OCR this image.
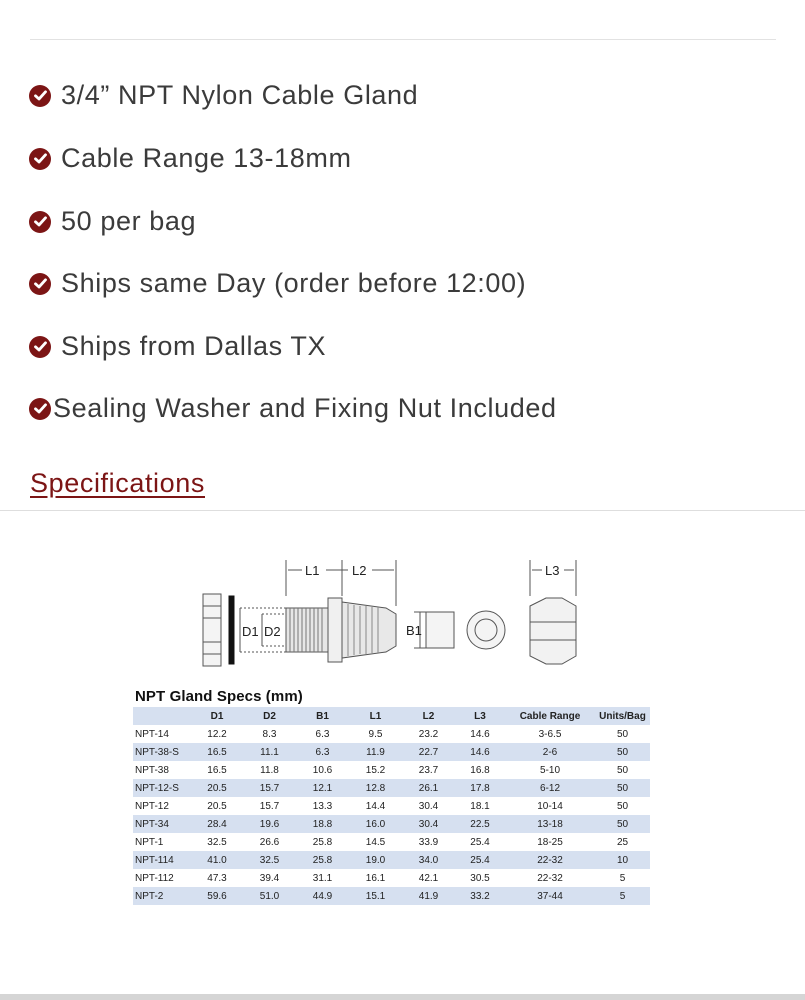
3/4” NPT Nylon Cable Gland
Cable Range 13-18mm
50 per bag
Ships same Day (order before 12:00)
Ships from Dallas TX
Sealing Washer and Fixing Nut Included
Specifications
L1	L2	L3
D1 D2	B1
NPT Gland Specs (mm)
	D1	D2	B1	L1	L2	L3	Cable Range	Units/Bag
NPT-14	12.2	8.3	6.3	9.5	23.2	14.6	3-6.5	50
NPT-38-S	16.5	11.1	6.3	11.9	22.7	14.6	2-6	50
NPT-38	16.5	11.8	10.6	15.2	23.7	16.8	5-10	50
NPT-12-S	20.5	15.7	12.1	12.8	26.1	17.8	6-12	50
NPT-12	20.5	15.7	13.3	14.4	30.4	18.1	10-14	50
NPT-34	28.4	19.6	18.8	16.0	30.4	22.5	13-18	50
NPT-1	32.5	26.6	25.8	14.5	33.9	25.4	18-25	25
NPT-114	41.0	32.5	25.8	19.0	34.0	25.4	22-32	10
NPT-112	47.3	39.4	31.1	16.1	42.1	30.5	22-32	5
NPT-2	59.6	51.0	44.9	15.1	41.9	33.2	37-44	5
